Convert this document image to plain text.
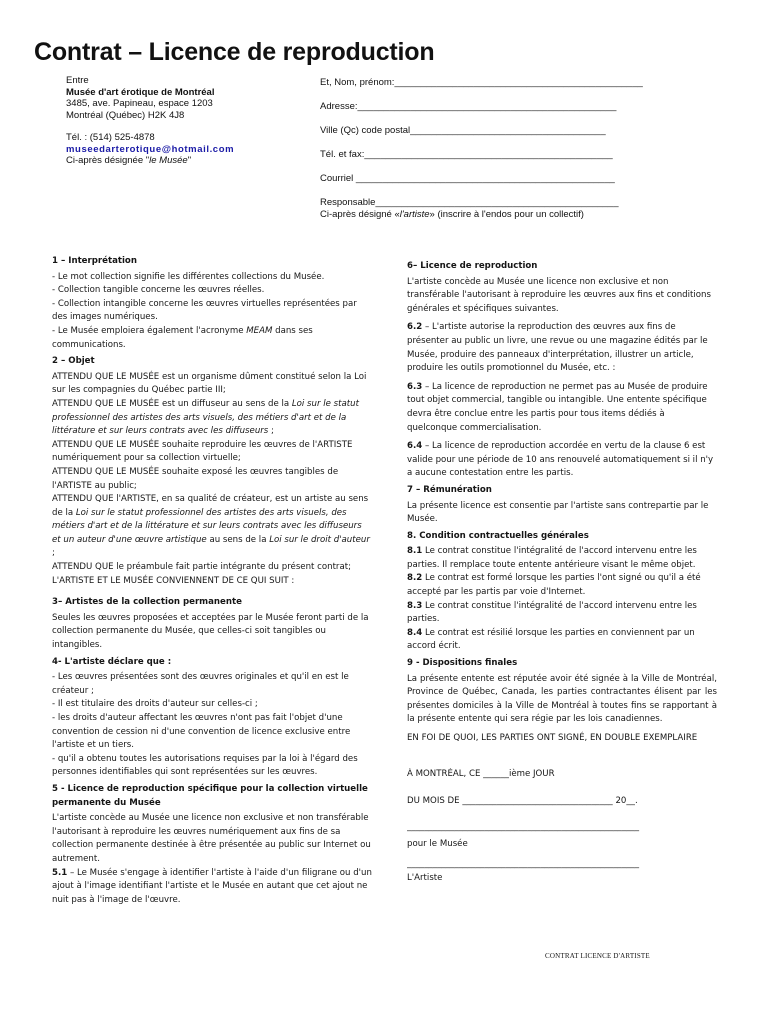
Contrat – Licence de reproduction
Entre
Musée d'art érotique de Montréal
3485, ave. Papineau, espace 1203
Montréal (Québec) H2K 4J8
Tél. : (514) 525-4878
museedarterotique@hotmail.com
Ci-après désignée "le Musée"
Et, Nom, prénom:_______________________________________________
Adresse:_________________________________________________
Ville (Qc) code postal_____________________________________
Tél. et fax:_______________________________________________
Courriel _________________________________________________
Responsable______________________________________________
Ci-après désigné «l'artiste» (inscrire à l'endos pour un collectif)
1 – Interprétation

- Le mot collection signifie les différentes collections du Musée.

- Collection tangible concerne les œuvres réelles.

- Collection intangible concerne les œuvres virtuelles représentées par des images numériques.

- Le Musée emploiera également l'acronyme MEAM dans ses communications.

2 – Objet

ATTENDU QUE LE MUSÉE est un organisme dûment constitué selon la Loi sur les compagnies du Québec partie III;

ATTENDU QUE LE MUSÉE est un diffuseur au sens de la Loi sur le statut professionnel des artistes des arts visuels, des métiers d'art et de la littérature et sur leurs contrats avec les diffuseurs ;

ATTENDU QUE LE MUSÉE souhaite reproduire les œuvres de l'ARTISTE numériquement pour sa collection virtuelle;

ATTENDU QUE LE MUSÉE souhaite exposé les œuvres tangibles de l'ARTISTE au public;

ATTENDU QUE l'ARTISTE, en sa qualité de créateur, est un artiste au sens de la Loi sur le statut professionnel des artistes des arts visuels, des métiers d'art et de la littérature et sur leurs contrats avec les diffuseurs et un auteur d'une œuvre artistique au sens de la Loi sur le droit d'auteur ;

ATTENDU QUE le préambule fait partie intégrante du présent contrat;

L'ARTISTE ET LE MUSÉE CONVIENNENT DE CE QUI SUIT :

3– Artistes de la collection permanente

Seules les œuvres proposées et acceptées par le Musée feront parti de la collection permanente du Musée, que celles-ci soit tangibles ou intangibles.

4- L'artiste déclare que :

- Les œuvres présentées sont des œuvres originales et qu'il en est le créateur ;

- Il est titulaire des droits d'auteur sur celles-ci ;

- les droits d'auteur affectant les œuvres n'ont pas fait l'objet d'une convention de cession ni d'une convention de licence exclusive entre l'artiste et un tiers.

- qu'il a obtenu toutes les autorisations requises par la loi à l'égard des personnes identifiables qui sont représentées sur les œuvres.

5 - Licence de reproduction spécifique pour la collection virtuelle permanente du Musée

L'artiste concède au Musée une licence non exclusive et non transférable l'autorisant à reproduire les œuvres numériquement aux fins de sa collection permanente destinée à être présentée au public sur Internet ou autrement.

5.1 – Le Musée s'engage à identifier l'artiste à l'aide d'un filigrane ou d'un ajout à l'image identifiant l'artiste et le Musée en autant que cet ajout ne nuit pas à l'image de l'œuvre.

6– Licence de reproduction

L'artiste concède au Musée une licence non exclusive et non transférable l'autorisant à reproduire les œuvres aux fins et conditions générales et spécifiques suivantes.

6.2 – L'artiste autorise la reproduction des œuvres aux fins de présenter au public un livre, une revue ou une magazine édités par le Musée, produire des panneaux d'interprétation, illustrer un article, produire les outils promotionnel du Musée, etc. :

6.3 – La licence de reproduction ne permet pas au Musée de produire tout objet commercial, tangible ou intangible. Une entente spécifique devra être conclue entre les partis pour tous items dédiés à quelconque commercialisation.

6.4 – La licence de reproduction accordée en vertu de la clause 6 est valide pour une période de 10 ans renouvelé automatiquement si il n'y a aucune contestation entre les partis.

7 – Rémunération

La présente licence est consentie par l'artiste sans contrepartie par le Musée.

8. Condition contractuelles générales

8.1 Le contrat constitue l'intégralité de l'accord intervenu entre les parties. Il remplace toute entente antérieure visant le même objet.

8.2 Le contrat est formé lorsque les parties l'ont signé ou qu'il a été accepté par les partis par voie d'Internet.

8.3 Le contrat constitue l'intégralité de l'accord intervenu entre les parties.

8.4 Le contrat est résilié lorsque les parties en conviennent par un accord écrit.

9 - Dispositions finales

La présente entente est réputée avoir été signée à la Ville de Montréal, Province de Québec, Canada, les parties contractantes élisent par les présentes domiciles à la Ville de Montréal à toutes fins se rapportant à la présente entente qui sera régie par les lois canadiennes.

EN FOI DE QUOI, LES PARTIES ONT SIGNÉ, EN DOUBLE EXEMPLAIRE

À MONTRÉAL, CE ______ième JOUR

DU MOIS DE ___________________________________ 20__.

______________________________________________________

pour le Musée

______________________________________________________

L'Artiste

CONTRAT LICENCE D'ARTISTE
